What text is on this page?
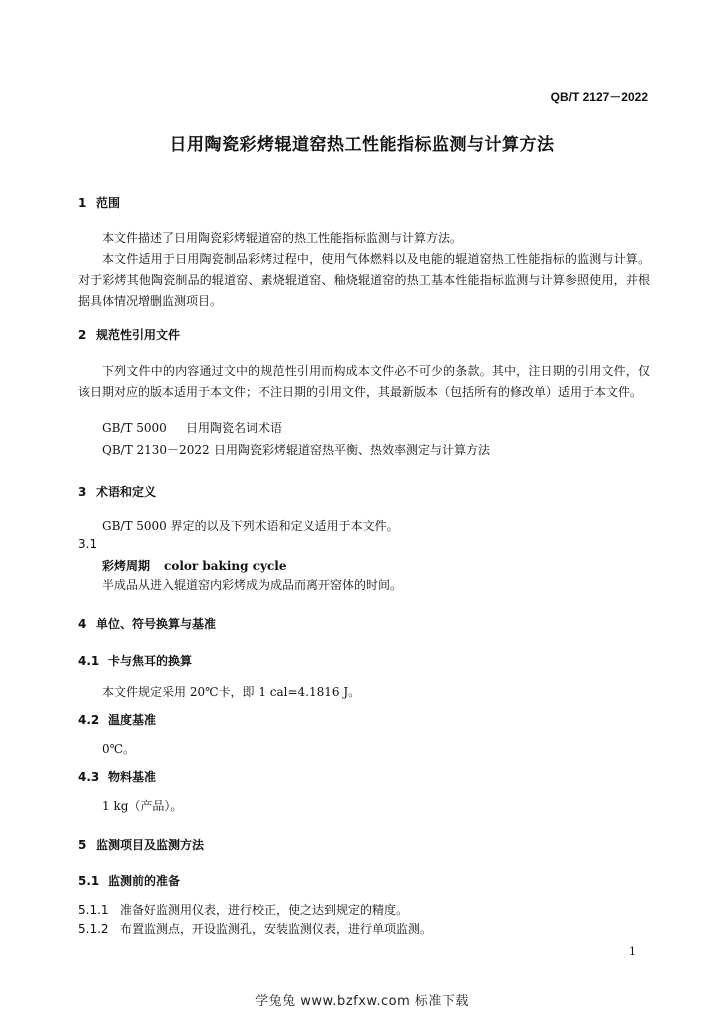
QB/T 2127－2022
日用陶瓷彩烤辊道窑热工性能指标监测与计算方法
1 范围
本文件描述了日用陶瓷彩烤辊道窑的热工性能指标监测与计算方法。
本文件适用于日用陶瓷制品彩烤过程中，使用气体燃料以及电能的辊道窑热工性能指标的监测与计算。对于彩烤其他陶瓷制品的辊道窑、素烧辊道窑、釉烧辊道窑的热工基本性能指标监测与计算参照使用，并根据具体情况增删监测项目。
2 规范性引用文件
下列文件中的内容通过文中的规范性引用而构成本文件必不可少的条款。其中，注日期的引用文件，仅该日期对应的版本适用于本文件；不注日期的引用文件，其最新版本（包括所有的修改单）适用于本文件。
GB/T 5000 日用陶瓷名词术语
QB/T 2130－2022 日用陶瓷彩烤辊道窑热平衡、热效率测定与计算方法
3 术语和定义
GB/T 5000 界定的以及下列术语和定义适用于本文件。
3.1
彩烤周期 color baking cycle
半成品从进入辊道窑内彩烤成为成品而离开窑体的时间。
4 单位、符号换算与基准
4.1 卡与焦耳的换算
本文件规定采用 20℃卡，即 1 cal=4.1816 J。
4.2 温度基准
0℃。
4.3 物料基准
1 kg（产品）。
5 监测项目及监测方法
5.1 监测前的准备
5.1.1 准备好监测用仪表，进行校正，使之达到规定的精度。
5.1.2 布置监测点，开设监测孔，安装监测仪表，进行单项监测。
1
学兔兔 www.bzfxw.com 标准下载
